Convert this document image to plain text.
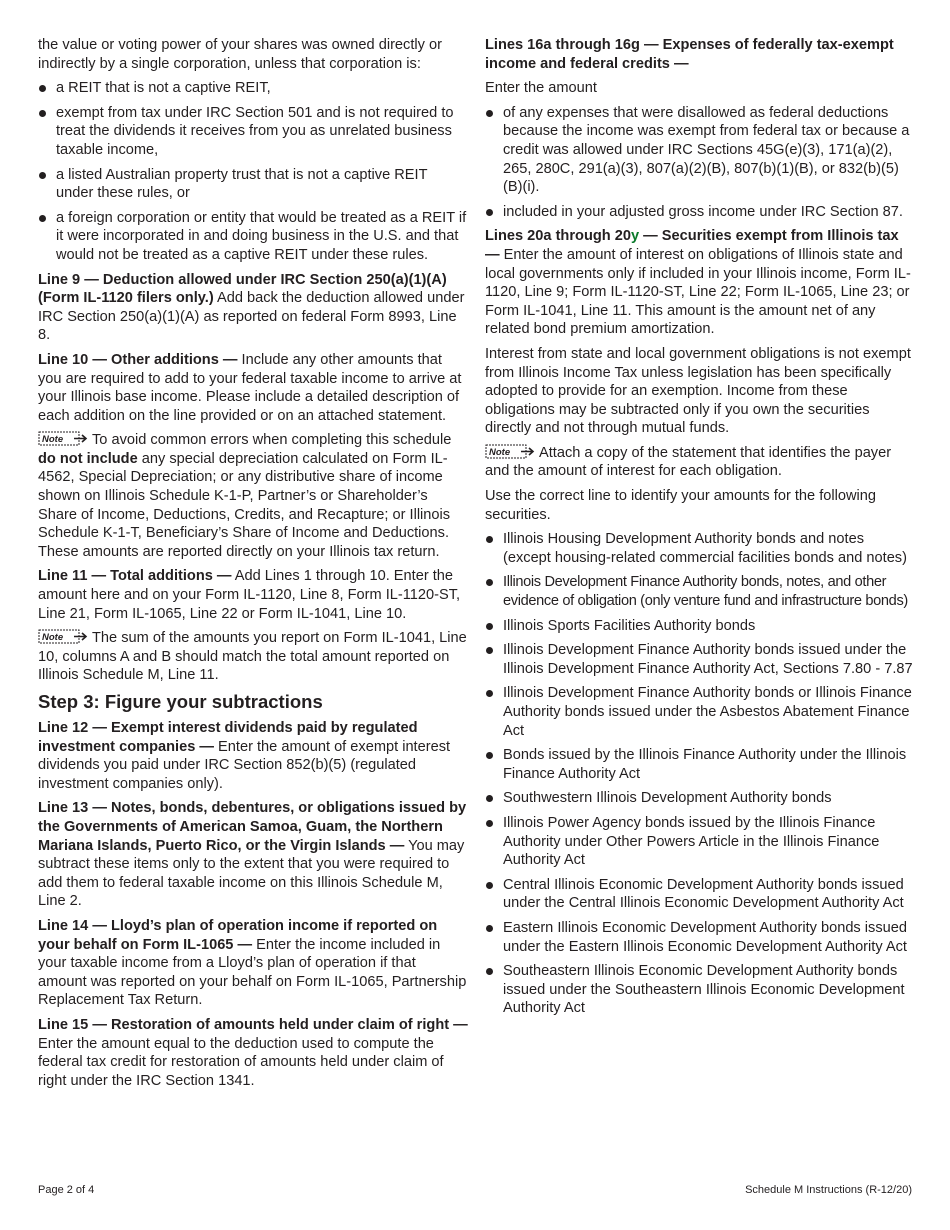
the value or voting power of your shares was owned directly or indirectly by a single corporation, unless that corporation is:

a REIT that is not a captive REIT,
exempt from tax under IRC Section 501 and is not required to treat the dividends it receives from you as unrelated business taxable income,
a listed Australian property trust that is not a captive REIT under these rules, or
a foreign corporation or entity that would be treated as a REIT if it were incorporated in and doing business in the U.S. and that would not be treated as a captive REIT under these rules.

Line 9 — Deduction allowed under IRC Section 250(a)(1)(A) (Form IL-1120 filers only.) Add back the deduction allowed under IRC Section 250(a)(1)(A) as reported on federal Form 8993, Line 8.

Line 10 — Other additions — Include any other amounts that you are required to add to your federal taxable income to arrive at your Illinois base income. Please include a detailed description of each addition on the line provided or on an attached statement.

Note To avoid common errors when completing this schedule do not include any special depreciation calculated on Form IL-4562, Special Depreciation; or any distributive share of income shown on Illinois Schedule K-1-P, Partner’s or Shareholder’s Share of Income, Deductions, Credits, and Recapture; or Illinois Schedule K-1-T, Beneficiary’s Share of Income and Deductions. These amounts are reported directly on your Illinois tax return.

Line 11 — Total additions — Add Lines 1 through 10. Enter the amount here and on your Form IL-1120, Line 8, Form IL-1120-ST, Line 21, Form IL-1065, Line 22 or Form IL-1041, Line 10.

Note The sum of the amounts you report on Form IL-1041, Line 10, columns A and B should match the total amount reported on Illinois Schedule M, Line 11.

Step 3: Figure your subtractions

Line 12 — Exempt interest dividends paid by regulated investment companies — Enter the amount of exempt interest dividends you paid under IRC Section 852(b)(5) (regulated investment companies only).

Line 13 — Notes, bonds, debentures, or obligations issued by the Governments of American Samoa, Guam, the Northern Mariana Islands, Puerto Rico, or the Virgin Islands — You may subtract these items only to the extent that you were required to add them to federal taxable income on this Illinois Schedule M, Line 2.

Line 14 — Lloyd’s plan of operation income if reported on your behalf on Form IL-1065 — Enter the income included in your taxable income from a Lloyd’s plan of operation if that amount was reported on your behalf on Form IL-1065, Partnership Replacement Tax Return.

Line 15 — Restoration of amounts held under claim of right — Enter the amount equal to the deduction used to compute the federal tax credit for restoration of amounts held under claim of right under the IRC Section 1341.

Lines 16a through 16g — Expenses of federally tax-exempt income and federal credits —

Enter the amount

of any expenses that were disallowed as federal deductions because the income was exempt from federal tax or because a credit was allowed under IRC Sections 45G(e)(3), 171(a)(2), 265, 280C, 291(a)(3), 807(a)(2)(B), 807(b)(1)(B), or 832(b)(5)(B)(i).
included in your adjusted gross income under IRC Section 87.

Lines 20a through 20y — Securities exempt from Illinois tax — Enter the amount of interest on obligations of Illinois state and local governments only if included in your Illinois income, Form IL-1120, Line 9; Form IL-1120-ST, Line 22; Form IL-1065, Line 23; or Form IL-1041, Line 11. This amount is the amount net of any related bond premium amortization.

Interest from state and local government obligations is not exempt from Illinois Income Tax unless legislation has been specifically adopted to provide for an exemption. Income from these obligations may be subtracted only if you own the securities directly and not through mutual funds.

Note Attach a copy of the statement that identifies the payer
and the amount of interest for each obligation.

Use the correct line to identify your amounts for the following securities.

Illinois Housing Development Authority bonds and notes (except housing-related commercial facilities bonds and notes)
Illinois Development Finance Authority bonds, notes, and other evidence of obligation (only venture fund and infrastructure bonds)
Illinois Sports Facilities Authority bonds
Illinois Development Finance Authority bonds issued under the Illinois Development Finance Authority Act, Sections 7.80 - 7.87
Illinois Development Finance Authority bonds or Illinois Finance Authority bonds issued under the Asbestos Abatement Finance Act
Bonds issued by the Illinois Finance Authority under the Illinois Finance Authority Act
Southwestern Illinois Development Authority bonds
Illinois Power Agency bonds issued by the Illinois Finance Authority under Other Powers Article in the Illinois Finance Authority Act
Central Illinois Economic Development Authority bonds issued under the Central Illinois Economic Development Authority Act
Eastern Illinois Economic Development Authority bonds issued under the Eastern Illinois Economic Development Authority Act
Southeastern Illinois Economic Development Authority bonds issued under the Southeastern Illinois Economic Development Authority Act
Page 2 of 4	Schedule M Instructions (R-12/20)
